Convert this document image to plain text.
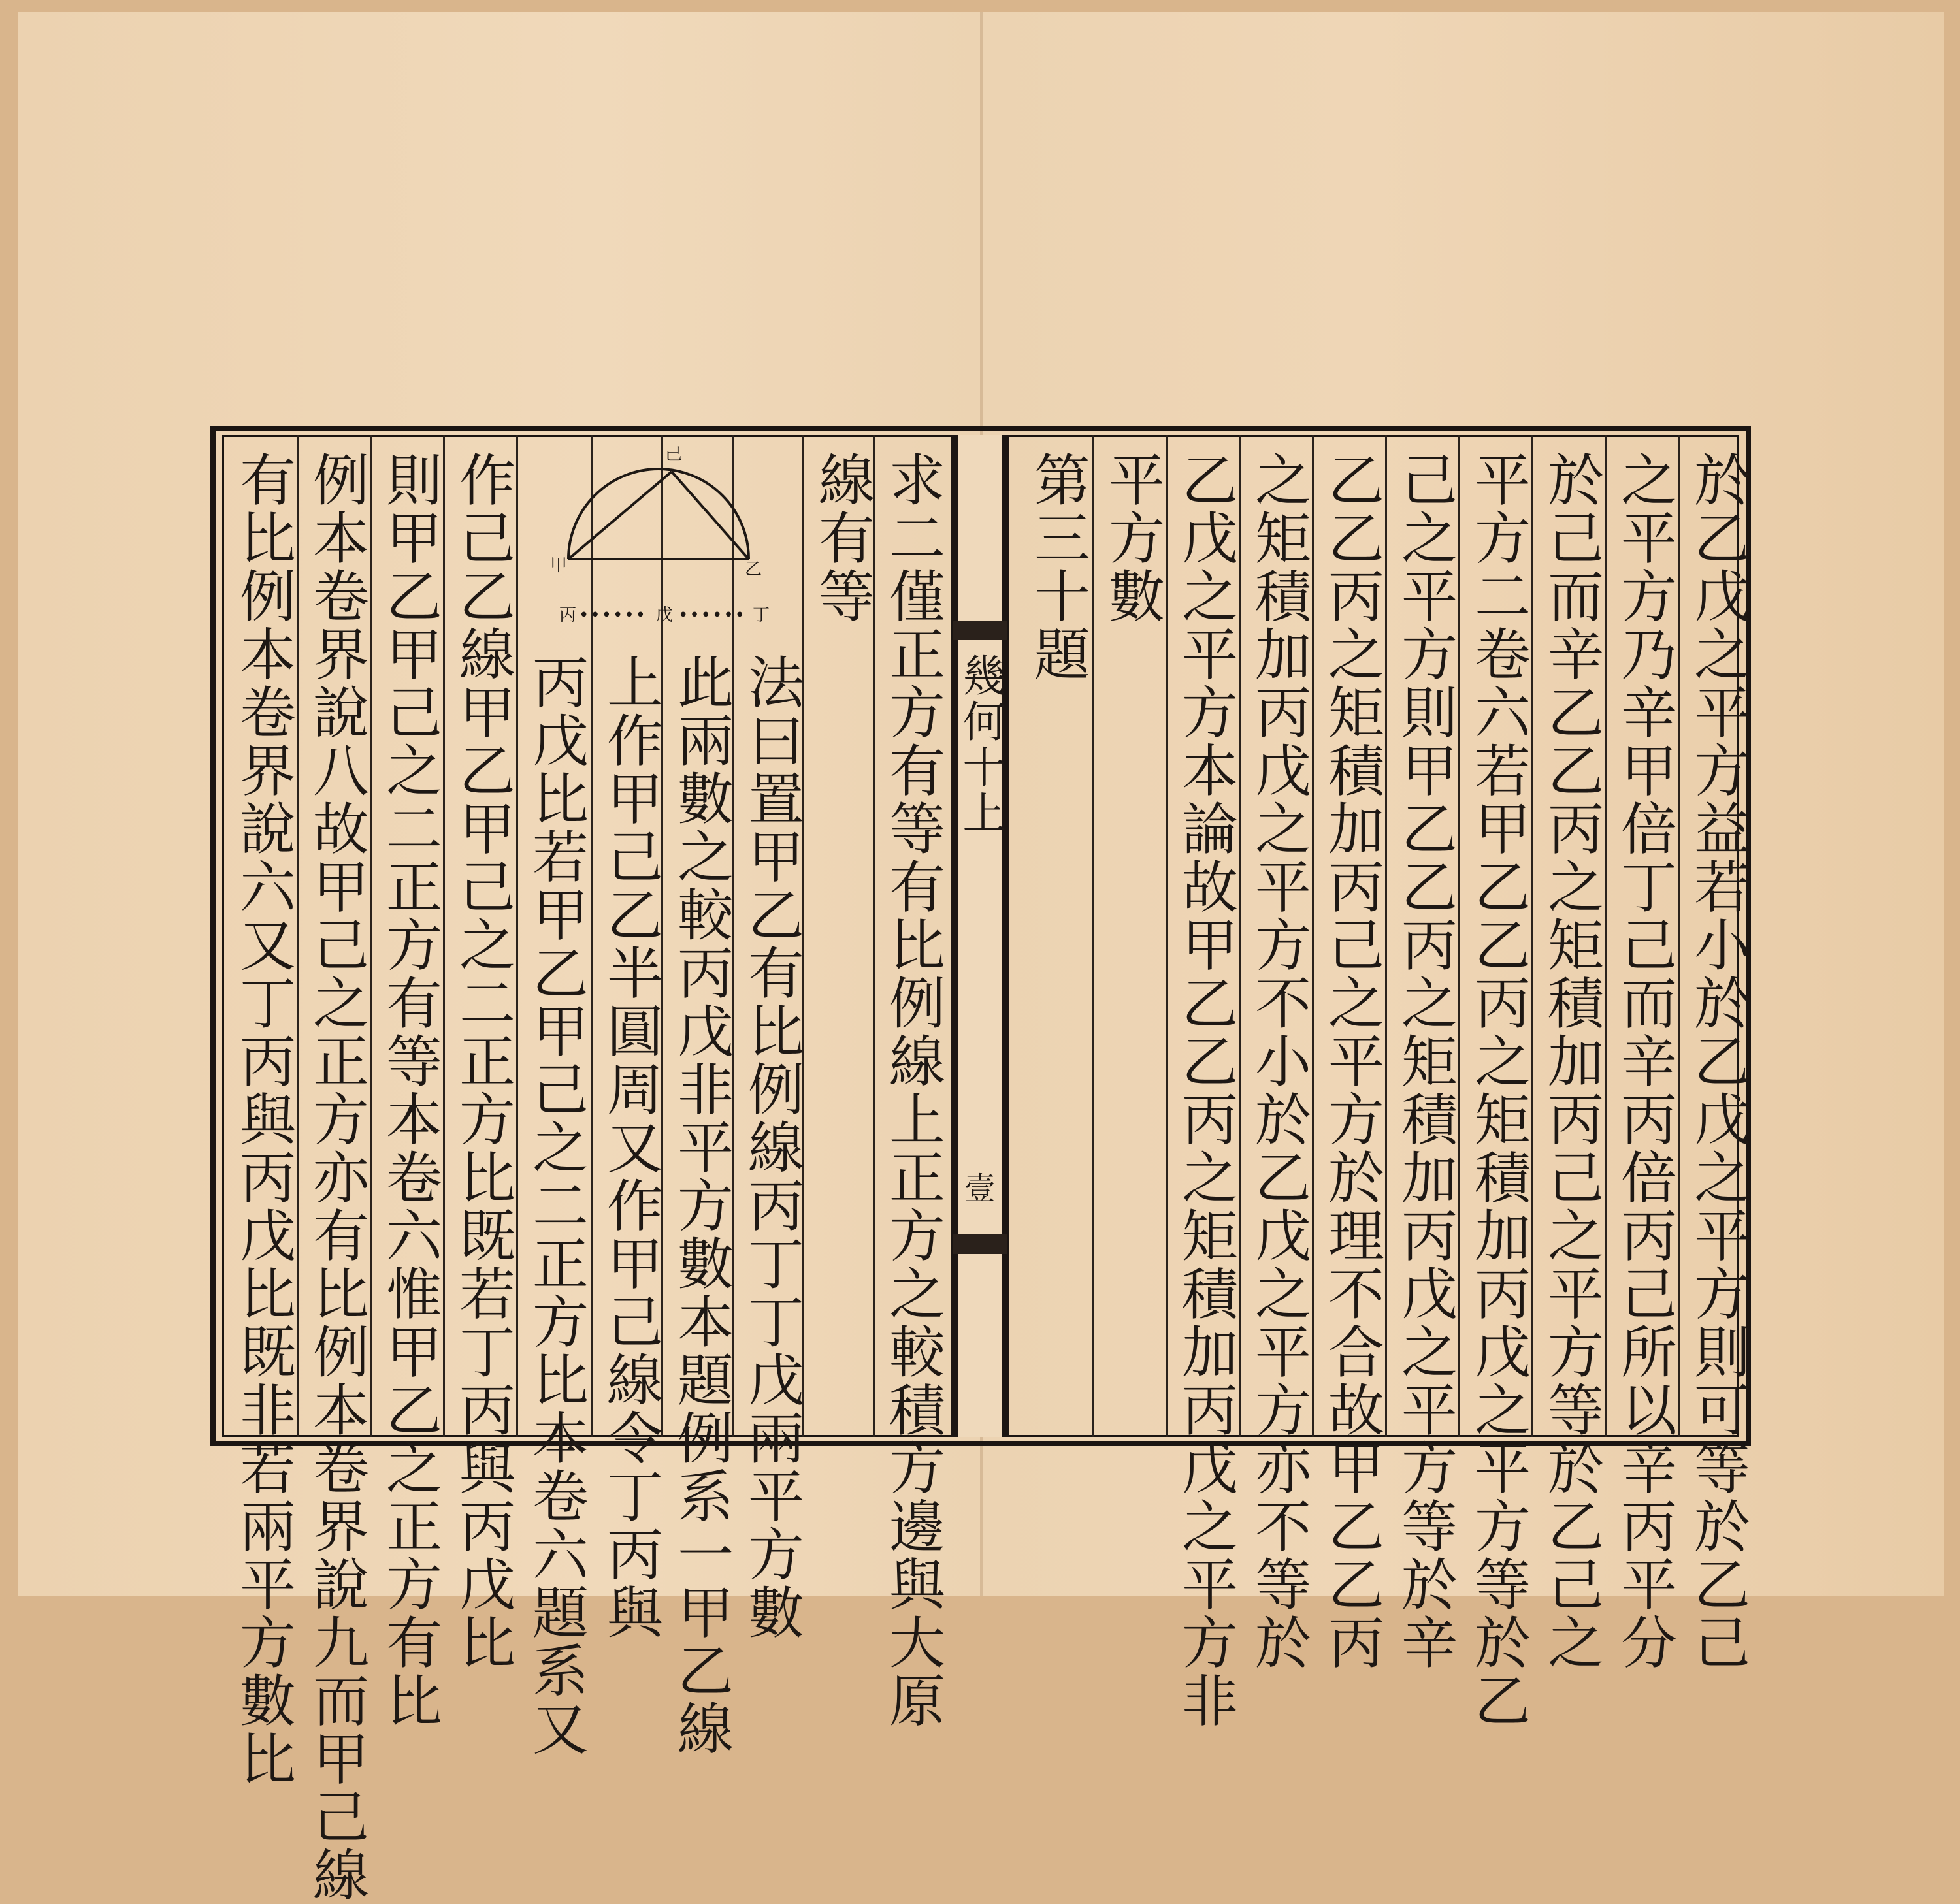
幾何十上
壹	於乙戊之平方益若小於乙戊之平方則可等於乙己
之平方乃辛甲倍丁己而辛丙倍丙己所以辛丙平分
於己而辛乙乙丙之矩積加丙己之平方等於乙己之
平方二卷六若甲乙乙丙之矩積加丙戊之平方等於乙
己之平方則甲乙乙丙之矩積加丙戊之平方等於辛
乙乙丙之矩積加丙己之平方於理不合故甲乙乙丙
之矩積加丙戊之平方不小於乙戊之平方亦不等於
乙戊之平方本論故甲乙乙丙之矩積加丙戊之平方非
平方數
第三十題
求二僅正方有等有比例線上正方之較積方邊與大原
線有等
法曰置甲乙有比例線丙丁丁戊兩平方數
此兩數之較丙戊非平方數本題例系一甲乙線
上作甲己乙半圓周又作甲己線令丁丙與
丙戊比若甲乙甲己之二正方比本卷六題系又
作己乙線甲乙甲己之二正方比既若丁丙與丙戊比
則甲乙甲己之二正方有等本卷六惟甲乙之正方有比
例本卷界說八故甲己之正方亦有比例本卷界說九而甲己線
有比例本卷界說六又丁丙與丙戊比既非若兩平方數比	己
甲	乙
丙 •••••• 戊 •••••• 丁
